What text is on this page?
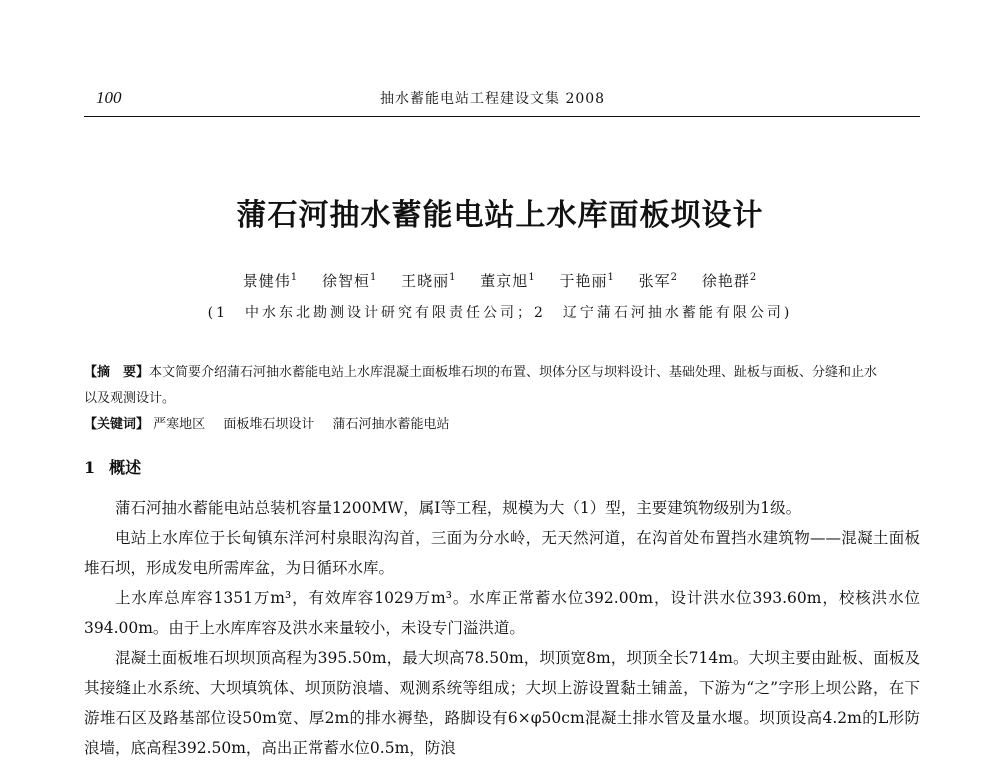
100	抽水蓄能电站工程建设文集 2008
蒲石河抽水蓄能电站上水库面板坝设计
景健伟$^1$ 徐智桓$^1$ 王晓丽$^1$ 董京旭$^1$ 于艳丽$^1$ 张军$^2$ 徐艳群$^2$
(1　中水东北勘测设计研究有限责任公司；2　辽宁蒲石河抽水蓄能有限公司)
【摘　要】本文简要介绍蒲石河抽水蓄能电站上水库混凝土面板堆石坝的布置、坝体分区与坝料设计、基础处理、趾板与面板、分缝和止水以及观测设计。
【关键词】 严寒地区 面板堆石坝设计 蒲石河抽水蓄能电站
1 概述

蒲石河抽水蓄能电站总装机容量1200MW，属Ⅰ等工程，规模为大（1）型，主要建筑物级别为1级。

电站上水库位于长甸镇东洋河村泉眼沟沟首，三面为分水岭，无天然河道，在沟首处布置挡水建筑物——混凝土面板堆石坝，形成发电所需库盆，为日循环水库。

上水库总库容1351万m³，有效库容1029万m³。水库正常蓄水位392.00m，设计洪水位393.60m，校核洪水位394.00m。由于上水库库容及洪水来量较小，未设专门溢洪道。

混凝土面板堆石坝坝顶高程为395.50m，最大坝高78.50m，坝顶宽8m，坝顶全长714m。大坝主要由趾板、面板及其接缝止水系统、大坝填筑体、坝顶防浪墙、观测系统等组成；大坝上游设置黏土铺盖，下游为“之”字形上坝公路，在下游堆石区及路基部位设50m宽、厚2m的排水褥垫，路脚设有6×φ50cm混凝土排水管及量水堰。坝顶设高4.2m的L形防浪墙，底高程392.50m，高出正常蓄水位0.5m，防浪
